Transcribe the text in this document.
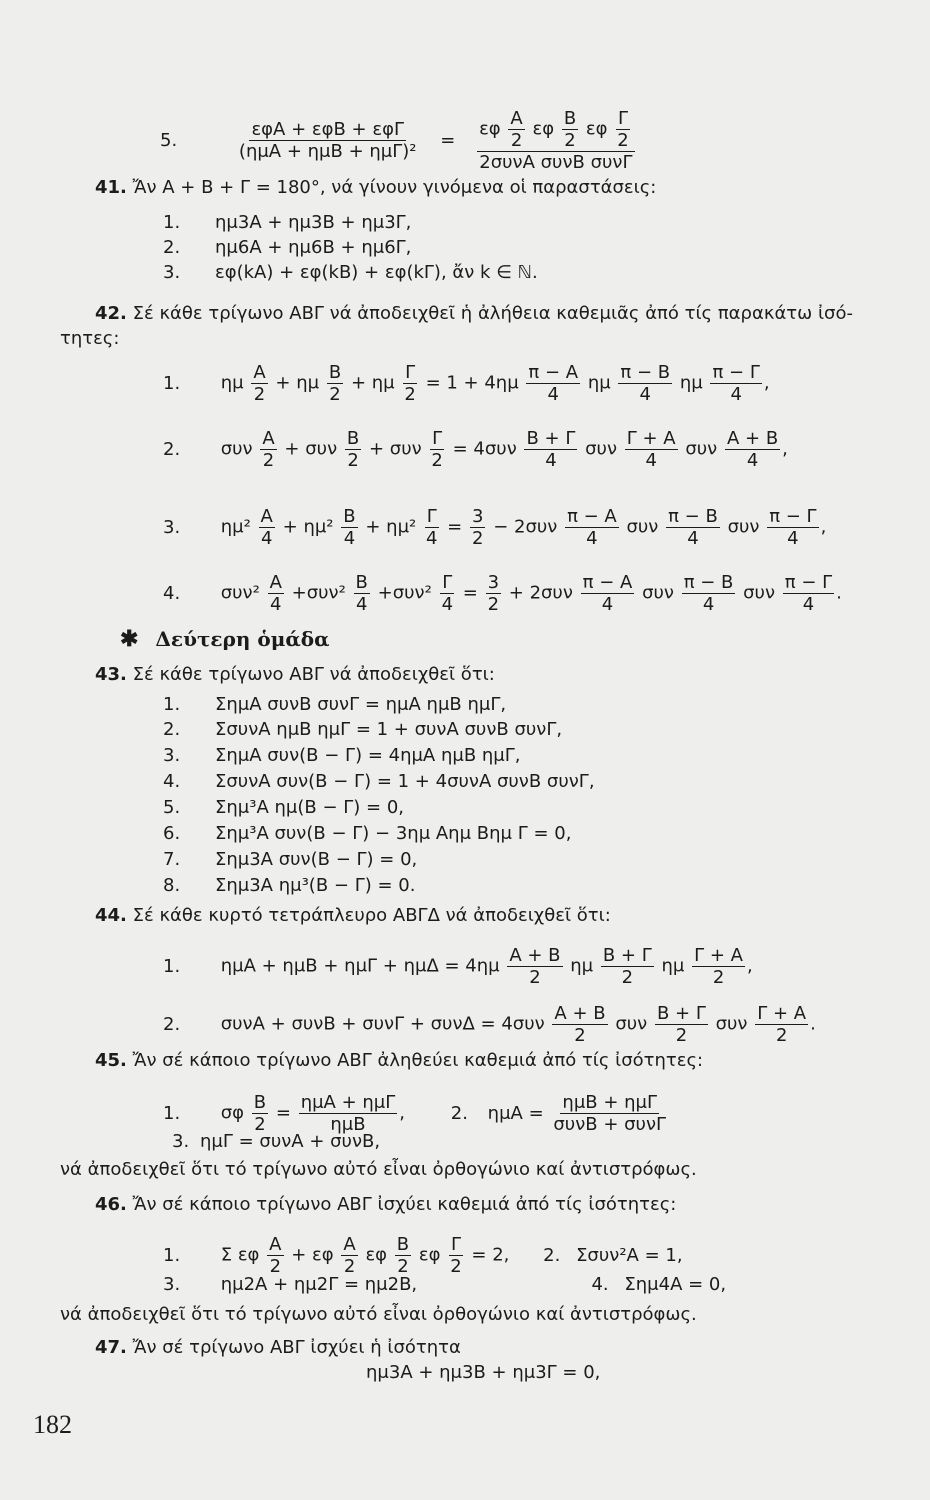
5.	$\frac{\text{εφΑ + εφΒ + εφΓ}}{\text{(ημΑ + ημΒ + ημΓ)²}} = \frac{\varepsilon\varphi \frac{A}{2} \varepsilon\varphi \frac{B}{2} \varepsilon\varphi \frac{\Gamma}{2}}{\text{2συνΑ συνΒ συνΓ}}$
41. Ἄν Α + Β + Γ = 180°, νά γίνουν γινόμενα οἱ παραστάσεις:
1. ημ3Α + ημ3Β + ημ3Γ,
2. ημ6Α + ημ6Β + ημ6Γ,
3. εφ(kA) + εφ(kB) + εφ(kΓ), ἄν k ∈ ℕ.
42. Σέ κάθε τρίγωνο ΑΒΓ νά ἀποδειχθεῖ ἡ ἀλήθεια καθεμιᾶς ἀπό τίς παρακάτω ἰσό-
τητες:
1. ημ $\frac{A}{2} + \eta\mu \frac{B}{2} + \eta\mu \frac{\Gamma}{2} = 1 + 4\eta\mu \frac{\pi - A}{4}$ ημ $\frac{\pi - B}{4}$ ημ $\frac{\pi - \Gamma}{4}$ ,
2. συν $\frac{A}{2} + \sigma\upsilon\nu \frac{B}{2} + \sigma\upsilon\nu \frac{\Gamma}{2} = 4\sigma\upsilon\nu \frac{B + \Gamma}{4}$ συν $\frac{\Gamma + A}{4}$ συν $\frac{A + B}{4}$ ,
3. $\eta\mu^2 \frac{A}{4} + \eta\mu^2 \frac{B}{4} + \eta\mu^2 \frac{\Gamma}{4} = \frac{3}{2} - 2\sigma\upsilon\nu \frac{\pi - A}{4}$ συν $\frac{\pi - B}{4}$ συν $\frac{\pi - \Gamma}{4}$ ,
4. $\sigma\upsilon\nu^2 \frac{A}{4} +\sigma\upsilon\nu^2 \frac{B}{4} +\sigma\upsilon\nu^2 \frac{\Gamma}{4} = \frac{3}{2} + 2\sigma\upsilon\nu \frac{\pi - A}{4}$ συν $\frac{\pi - B}{4}$ συν $\frac{\pi - \Gamma}{4}$ .
✱ Δεύτερη ὁμάδα
43. Σέ κάθε τρίγωνο ΑΒΓ νά ἀποδειχθεῖ ὅτι:
1. ΣημΑ συνΒ συνΓ = ημΑ ημΒ ημΓ,
2. ΣσυνΑ ημΒ ημΓ = 1 + συνΑ συνΒ συνΓ,
3. ΣημΑ συν(Β − Γ) = 4ημΑ ημΒ ημΓ,
4. ΣσυνΑ συν(Β − Γ) = 1 + 4συνΑ συνΒ συνΓ,
5. Σημ³Α ημ(Β − Γ) = 0,
6. Σημ³Α συν(Β − Γ) − 3ημ Αημ Βημ Γ = 0,
7. Σημ3Α συν(Β − Γ) = 0,
8. Σημ3Α ημ³(Β − Γ) = 0.
44. Σέ κάθε κυρτό τετράπλευρο ΑΒΓΔ νά ἀποδειχθεῖ ὅτι:
1. $\eta\mu A + \eta\mu B + \eta\mu\Gamma + \eta\mu\Delta = 4\eta\mu \frac{A + B}{2}$ ημ $\frac{B + \Gamma}{2}$ ημ $\frac{\Gamma + A}{2}$ ,
2. $\sigma\upsilon\nu A + \sigma\upsilon\nu B + \sigma\upsilon\nu\Gamma + \sigma\upsilon\nu\Delta = 4\sigma\upsilon\nu \frac{A + B}{2}$ συν $\frac{B + \Gamma}{2}$ συν $\frac{\Gamma + A}{2}$ .
45. Ἄν σέ κάποιο τρίγωνο ΑΒΓ ἀληθεύει καθεμιά ἀπό τίς ἰσότητες:
1. σφ $\frac{B}{2} = \frac{\text{ημΑ + ημΓ}}{\text{ημΒ}}$ ,	2. $\eta\mu A = \frac{\text{ημΒ + ημΓ}}{\text{συνΒ + συνΓ}}$
3. ημΓ = συνΑ + συνΒ,
νά ἀποδειχθεῖ ὅτι τό τρίγωνο αὐτό εἶναι ὀρθογώνιο καί ἀντιστρόφως.
46. Ἄν σέ κάποιο τρίγωνο ΑΒΓ ἰσχύει καθεμιά ἀπό τίς ἰσότητες:
1. Σ εφ $\frac{A}{2} + \varepsilon\varphi \frac{A}{2}$ εφ $\frac{B}{2}$ εφ $\frac{\Gamma}{2} = 2$, 2. Σσυν²Α = 1,
3. ημ2Α + ημ2Γ = ημ2Β,	4. Σημ4Α = 0,
νά ἀποδειχθεῖ ὅτι τό τρίγωνο αὐτό εἶναι ὀρθογώνιο καί ἀντιστρόφως.
47. Ἄν σέ τρίγωνο ΑΒΓ ἰσχύει ἡ ἰσότητα
ημ3Α + ημ3Β + ημ3Γ = 0,
182
